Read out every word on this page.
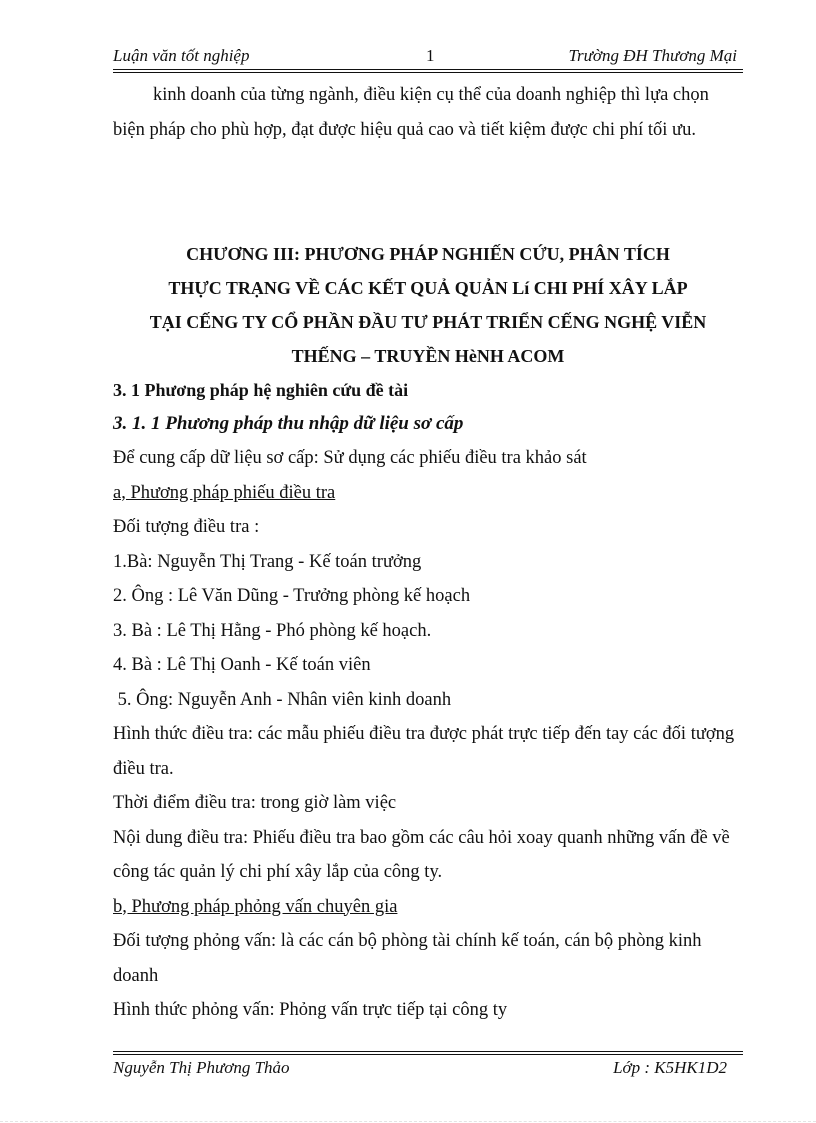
Luận văn tốt nghiệp	1	Trường ĐH Thương Mại

kinh doanh của từng ngành, điều kiện cụ thể của doanh nghiệp thì lựa chọn
biện pháp cho phù hợp, đạt được hiệu quả cao và tiết kiệm được chi phí tối ưu.

CHƯƠNG III: PHƯƠNG PHÁP NGHIẾN CỨU, PHÂN TÍCH
THỰC TRẠNG VỀ CÁC KẾT QUẢ QUẢN Lí CHI PHÍ XÂY LẮP
TẠI CẾNG TY CỔ PHẦN ĐẦU TƯ PHÁT TRIỂN CẾNG NGHỆ VIỄN
THẾNG – TRUYỀN HèNH ACOM

3. 1 Phương pháp hệ nghiên cứu đề tài

3. 1. 1 Phương pháp thu nhập dữ liệu sơ cấp

Để cung cấp dữ liệu sơ cấp: Sử dụng các phiếu điều tra khảo sát

a, Phương pháp phiếu điều tra

Đối tượng điều tra :

1.Bà: Nguyễn Thị Trang - Kế toán trưởng

2. Ông : Lê Văn Dũng - Trưởng phòng kế hoạch

3. Bà : Lê Thị Hằng - Phó phòng kế hoạch.

4. Bà : Lê Thị Oanh - Kế toán viên

5. Ông: Nguyễn Anh - Nhân viên kinh doanh

Hình thức điều tra: các mẫu phiếu điều tra được phát trực tiếp đến tay các đối tượng

điều tra.

Thời điểm điều tra: trong giờ làm việc

Nội dung điều tra: Phiếu điều tra bao gồm các câu hỏi xoay quanh những vấn đề về

công tác quản lý chi phí xây lắp của công ty.

b, Phương pháp phỏng vấn chuyên gia

Đối tượng phỏng vấn: là các cán bộ phòng tài chính kế toán, cán bộ phòng kinh

doanh

Hình thức phỏng vấn: Phỏng vấn trực tiếp tại công ty

Nguyễn Thị Phương Thảo	Lớp : K5HK1D2
